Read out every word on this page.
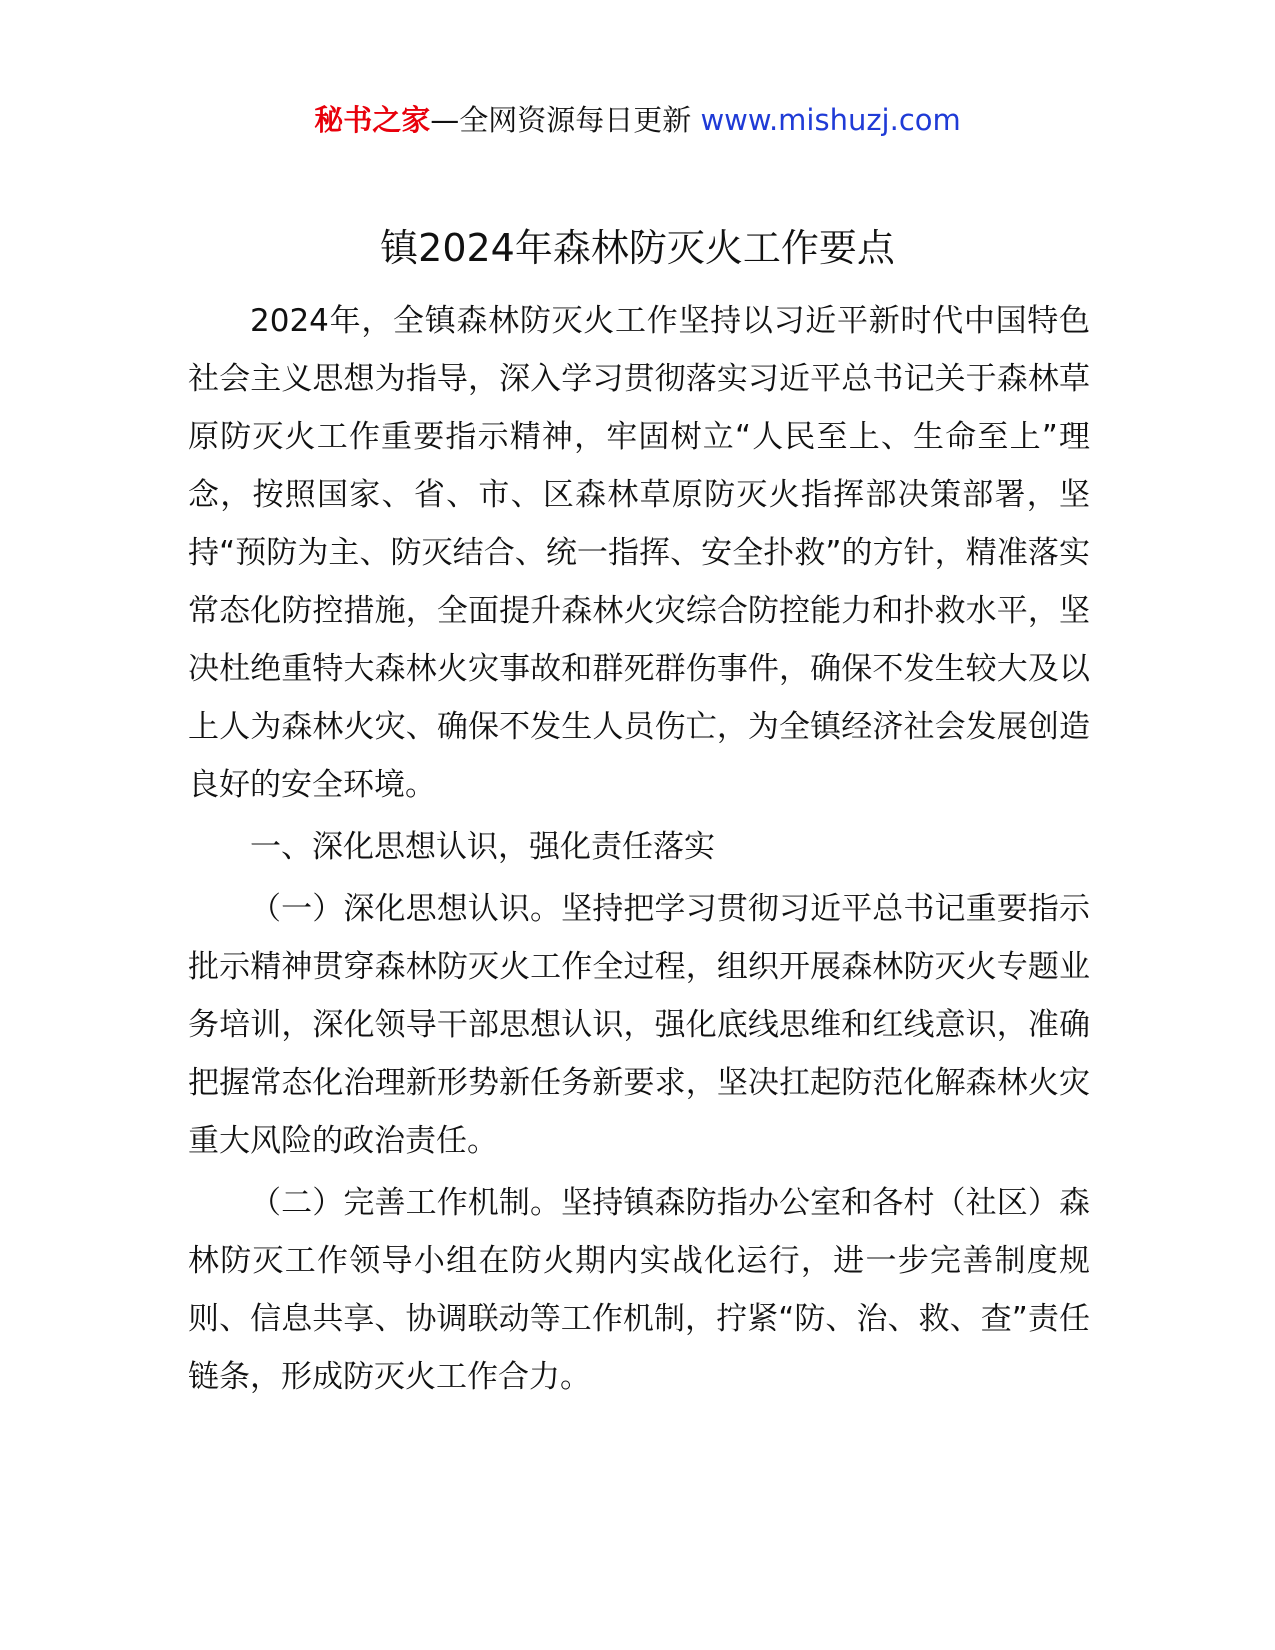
秘书之家—全网资源每日更新 www.mishuzj.com
镇2024年森林防灭火工作要点

2024年，全镇森林防灭火工作坚持以习近平新时代中国特色社会主义思想为指导，深入学习贯彻落实习近平总书记关于森林草原防灭火工作重要指示精神，牢固树立“人民至上、生命至上”理念，按照国家、省、市、区森林草原防灭火指挥部决策部署，坚持“预防为主、防灭结合、统一指挥、安全扑救”的方针，精准落实常态化防控措施，全面提升森林火灾综合防控能力和扑救水平，坚决杜绝重特大森林火灾事故和群死群伤事件，确保不发生较大及以上人为森林火灾、确保不发生人员伤亡，为全镇经济社会发展创造良好的安全环境。

一、深化思想认识，强化责任落实

（一）深化思想认识。坚持把学习贯彻习近平总书记重要指示批示精神贯穿森林防灭火工作全过程，组织开展森林防灭火专题业务培训，深化领导干部思想认识，强化底线思维和红线意识，准确把握常态化治理新形势新任务新要求，坚决扛起防范化解森林火灾重大风险的政治责任。

（二）完善工作机制。坚持镇森防指办公室和各村（社区）森林防灭工作领导小组在防火期内实战化运行，进一步完善制度规则、信息共享、协调联动等工作机制，拧紧“防、治、救、查”责任链条，形成防灭火工作合力。
